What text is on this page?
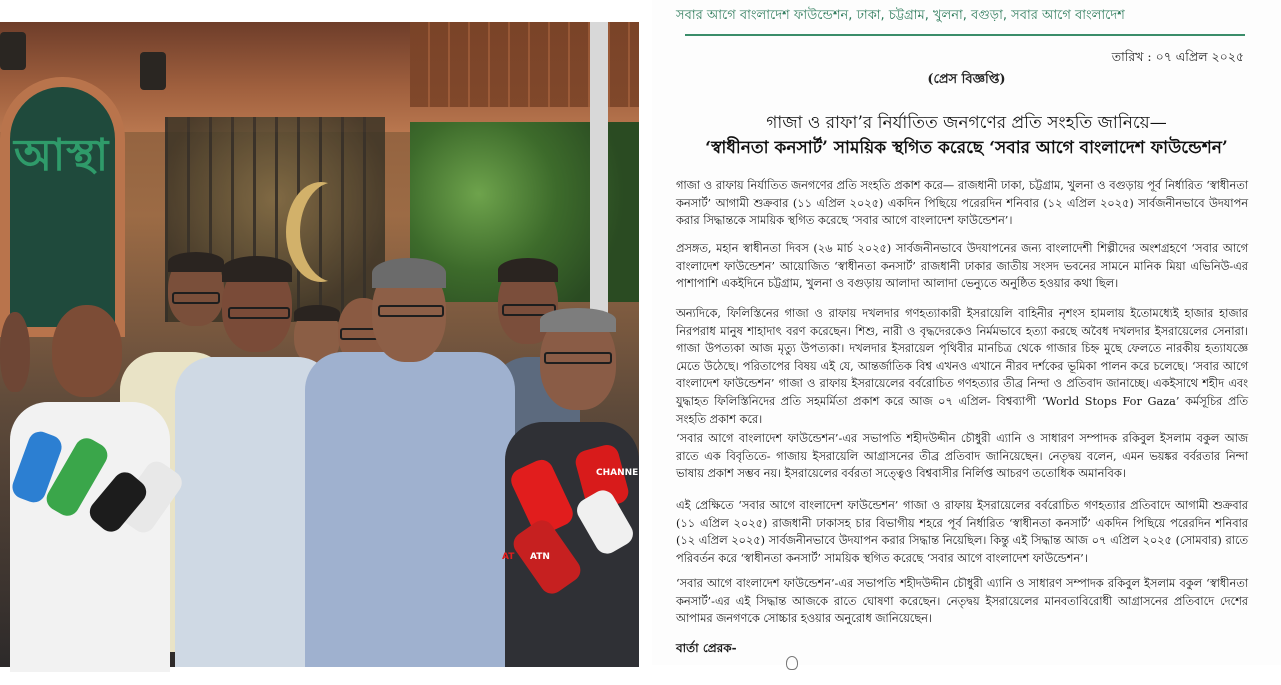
আস্থা
ATN
CHANNEL
AT
সবার আগে বাংলাদেশ ফাউন্ডেশন, ঢাকা, চট্টগ্রাম, খুলনা, বগুড়া, সবার আগে বাংলাদেশ
তারিখ : ০৭ এপ্রিল ২০২৫
(প্রেস বিজ্ঞপ্তি)
গাজা ও রাফা’র নির্যাতিত জনগণের প্রতি সংহতি জানিয়ে—
‘স্বাধীনতা কনসার্ট’ সাময়িক স্থগিত করেছে ‘সবার আগে বাংলাদেশ ফাউন্ডেশন’
গাজা ও রাফায় নির্যাতিত জনগণের প্রতি সংহতি প্রকাশ করে— রাজধানী ঢাকা, চট্টগ্রাম, খুলনা ও বগুড়ায় পূর্ব নির্ধারিত ‘স্বাধীনতা কনসার্ট’ আগামী শুক্রবার (১১ এপ্রিল ২০২৫) একদিন পিছিয়ে পরেরদিন শনিবার (১২ এপ্রিল ২০২৫) সার্বজনীনভাবে উদযাপন করার সিদ্ধান্তকে সাময়িক স্থগিত করেছে ‘সবার আগে বাংলাদেশ ফাউন্ডেশন’।
প্রসঙ্গত, মহান স্বাধীনতা দিবস (২৬ মার্চ ২০২৫) সার্বজনীনভাবে উদযাপনের জন্য বাংলাদেশী শিল্পীদের অংশগ্রহণে ‘সবার আগে বাংলাদেশ ফাউন্ডেশন’ আয়োজিত ‘স্বাধীনতা কনসার্ট’ রাজধানী ঢাকার জাতীয় সংসদ ভবনের সামনে মানিক মিয়া এভিনিউ-এর পাশাপাশি একইদিনে চট্টগ্রাম, খুলনা ও বগুড়ায় আলাদা আলাদা ভেন্যুতে অনুষ্ঠিত হওয়ার কথা ছিল।
অন্যদিকে, ফিলিস্তিনের গাজা ও রাফায় দখলদার গণহত্যাকারী ইসরায়েলি বাহিনীর নৃশংস হামলায় ইতোমধ্যেই হাজার হাজার নিরপরাধ মানুষ শাহাদাৎ বরণ করেছেন। শিশু, নারী ও বৃদ্ধদেরকেও নির্মমভাবে হত্যা করছে অবৈধ দখলদার ইসরায়েলের সেনারা। গাজা উপত্যকা আজ মৃত্যু উপত্যকা। দখলদার ইসরায়েল পৃথিবীর মানচিত্র থেকে গাজার চিহ্ন মুছে ফেলতে নারকীয় হত্যাযজ্ঞে মেতে উঠেছে। পরিতাপের বিষয় এই যে, আন্তর্জাতিক বিশ্ব এখনও এখানে নীরব দর্শকের ভূমিকা পালন করে চলেছে। ‘সবার আগে বাংলাদেশ ফাউন্ডেশন’ গাজা ও রাফায় ইসরায়েলের বর্বরোচিত গণহত্যার তীব্র নিন্দা ও প্রতিবাদ জানাচ্ছে। একইসাথে শহীদ এবং যুদ্ধাহত ফিলিস্তিনিদের প্রতি সহমর্মিতা প্রকাশ করে আজ ০৭ এপ্রিল- বিশ্বব্যাপী ‘World Stops For Gaza’ কর্মসূচির প্রতি সংহতি প্রকাশ করে।
‘সবার আগে বাংলাদেশ ফাউন্ডেশন’-এর সভাপতি শহীদউদ্দীন চৌধুরী এ্যানি ও সাধারণ সম্পাদক রকিবুল ইসলাম বকুল আজ রাতে এক বিবৃতিতে- গাজায় ইসরায়েলি আগ্রাসনের তীব্র প্রতিবাদ জানিয়েছেন। নেতৃদ্বয় বলেন, এমন ভয়ঙ্কর বর্বরতার নিন্দা ভাষায় প্রকাশ সম্ভব নয়। ইসরায়েলের বর্বরতা সত্ত্বেও বিশ্ববাসীর নির্লিপ্ত আচরণ ততোধিক অমানবিক।
এই প্রেক্ষিতে ‘সবার আগে বাংলাদেশ ফাউন্ডেশন’ গাজা ও রাফায় ইসরায়েলের বর্বরোচিত গণহত্যার প্রতিবাদে আগামী শুক্রবার (১১ এপ্রিল ২০২৫) রাজধানী ঢাকাসহ চার বিভাগীয় শহরে পূর্ব নির্ধারিত ‘স্বাধীনতা কনসার্ট’ একদিন পিছিয়ে পরেরদিন শনিবার (১২ এপ্রিল ২০২৫) সার্বজনীনভাবে উদযাপন করার সিদ্ধান্ত নিয়েছিল। কিন্তু এই সিদ্ধান্ত আজ ০৭ এপ্রিল ২০২৫ (সোমবার) রাতে পরিবর্তন করে ‘স্বাধীনতা কনসার্ট’ সাময়িক স্থগিত করেছে ‘সবার আগে বাংলাদেশ ফাউন্ডেশন’।
‘সবার আগে বাংলাদেশ ফাউন্ডেশন’-এর সভাপতি শহীদউদ্দীন চৌধুরী এ্যানি ও সাধারণ সম্পাদক রকিবুল ইসলাম বকুল ‘স্বাধীনতা কনসার্ট’-এর এই সিদ্ধান্ত আজকে রাতে ঘোষণা করেছেন। নেতৃদ্বয় ইসরায়েলের মানবতাবিরোধী আগ্রাসনের প্রতিবাদে দেশের আপামর জনগণকে সোচ্চার হওয়ার অনুরোধ জানিয়েছেন।
বার্তা প্রেরক-
